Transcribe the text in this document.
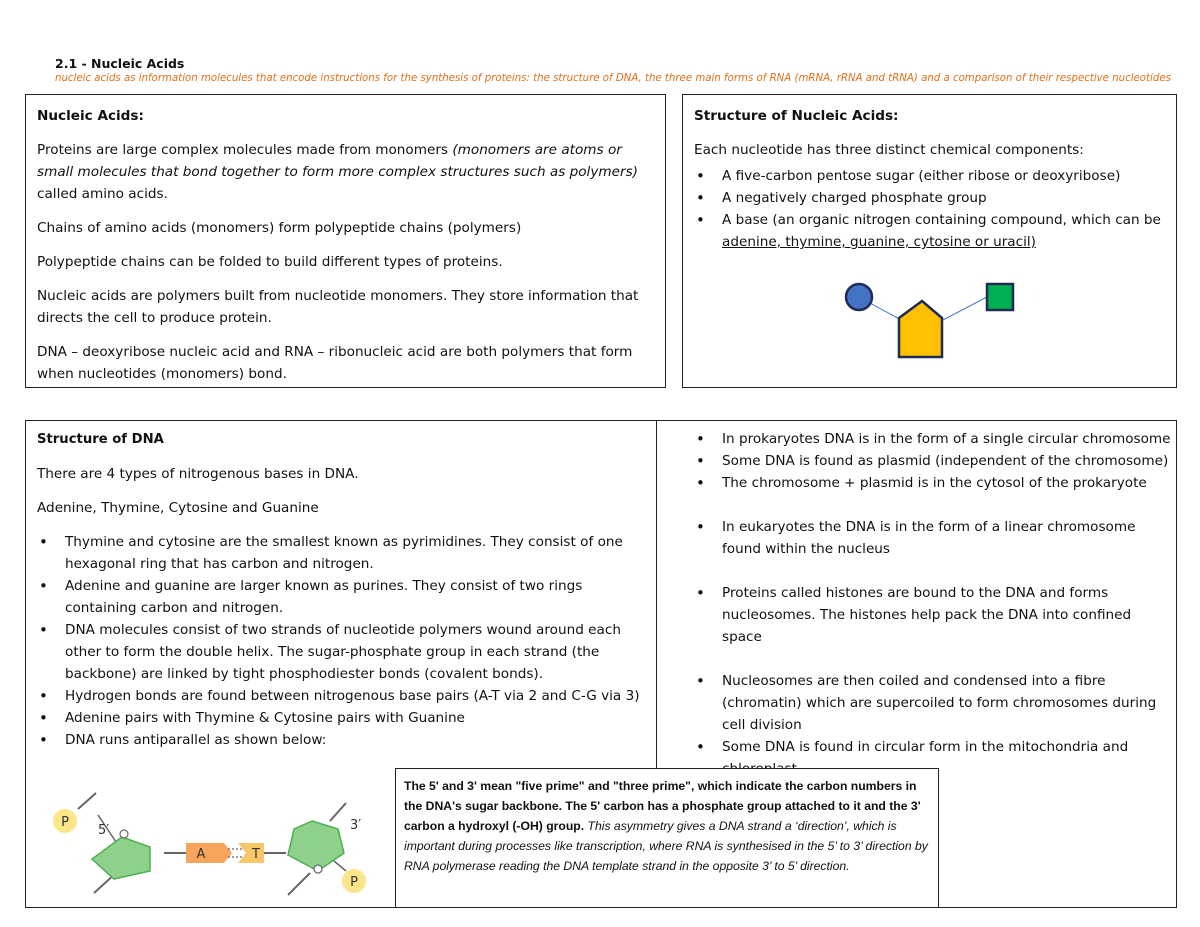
2.1 - Nucleic Acids

nucleic acids as information molecules that encode instructions for the synthesis of proteins: the structure of DNA, the three main forms of RNA (mRNA, rRNA and tRNA) and a comparison of their respective nucleotides

Nucleic Acids:

Proteins are large complex molecules made from monomers (monomers are atoms or small molecules that bond together to form more complex structures such as polymers) called amino acids.

Chains of amino acids (monomers) form polypeptide chains (polymers)

Polypeptide chains can be folded to build different types of proteins.

Nucleic acids are polymers built from nucleotide monomers. They store information that directs the cell to produce protein.

DNA – deoxyribose nucleic acid and RNA – ribonucleic acid are both polymers that form when nucleotides (monomers) bond.

Structure of Nucleic Acids:

Each nucleotide has three distinct chemical components:

• A five-carbon pentose sugar (either ribose or deoxyribose)
• A negatively charged phosphate group
• A base (an organic nitrogen containing compound, which can be
adenine, thymine, guanine, cytosine or uracil)

Structure of DNA

There are 4 types of nitrogenous bases in DNA.

Adenine, Thymine, Cytosine and Guanine

• Thymine and cytosine are the smallest known as pyrimidines. They consist of one hexagonal ring that has carbon and nitrogen.
• Adenine and guanine are larger known as purines. They consist of two rings containing carbon and nitrogen.
• DNA molecules consist of two strands of nucleotide polymers wound around each other to form the double helix. The sugar-phosphate group in each strand (the backbone) are linked by tight phosphodiester bonds (covalent bonds).
• Hydrogen bonds are found between nitrogenous base pairs (A-T via 2 and C-G via 3)
• Adenine pairs with Thymine & Cytosine pairs with Guanine
• DNA runs antiparallel as shown below:
P
5′
A	T
3′
P
• In prokaryotes DNA is in the form of a single circular chromosome
• Some DNA is found as plasmid (independent of the chromosome)
• The chromosome + plasmid is in the cytosol of the prokaryote
• In eukaryotes the DNA is in the form of a linear chromosome found within the nucleus
• Proteins called histones are bound to the DNA and forms nucleosomes. The histones help pack the DNA into confined space
• Nucleosomes are then coiled and condensed into a fibre (chromatin) which are supercoiled to form chromosomes during cell division
• Some DNA is found in circular form in the mitochondria and

The 5' and 3' mean "five prime" and "three prime", which indicate the carbon numbers in the DNA's sugar backbone. The 5' carbon has a phosphate group attached to it and the 3' carbon a hydroxyl (-OH) group. This asymmetry gives a DNA strand a ‘direction’, which is important during processes like transcription, where RNA is synthesised in the 5’ to 3’ direction by RNA polymerase reading the DNA template strand in the opposite 3’ to 5’ direction.
